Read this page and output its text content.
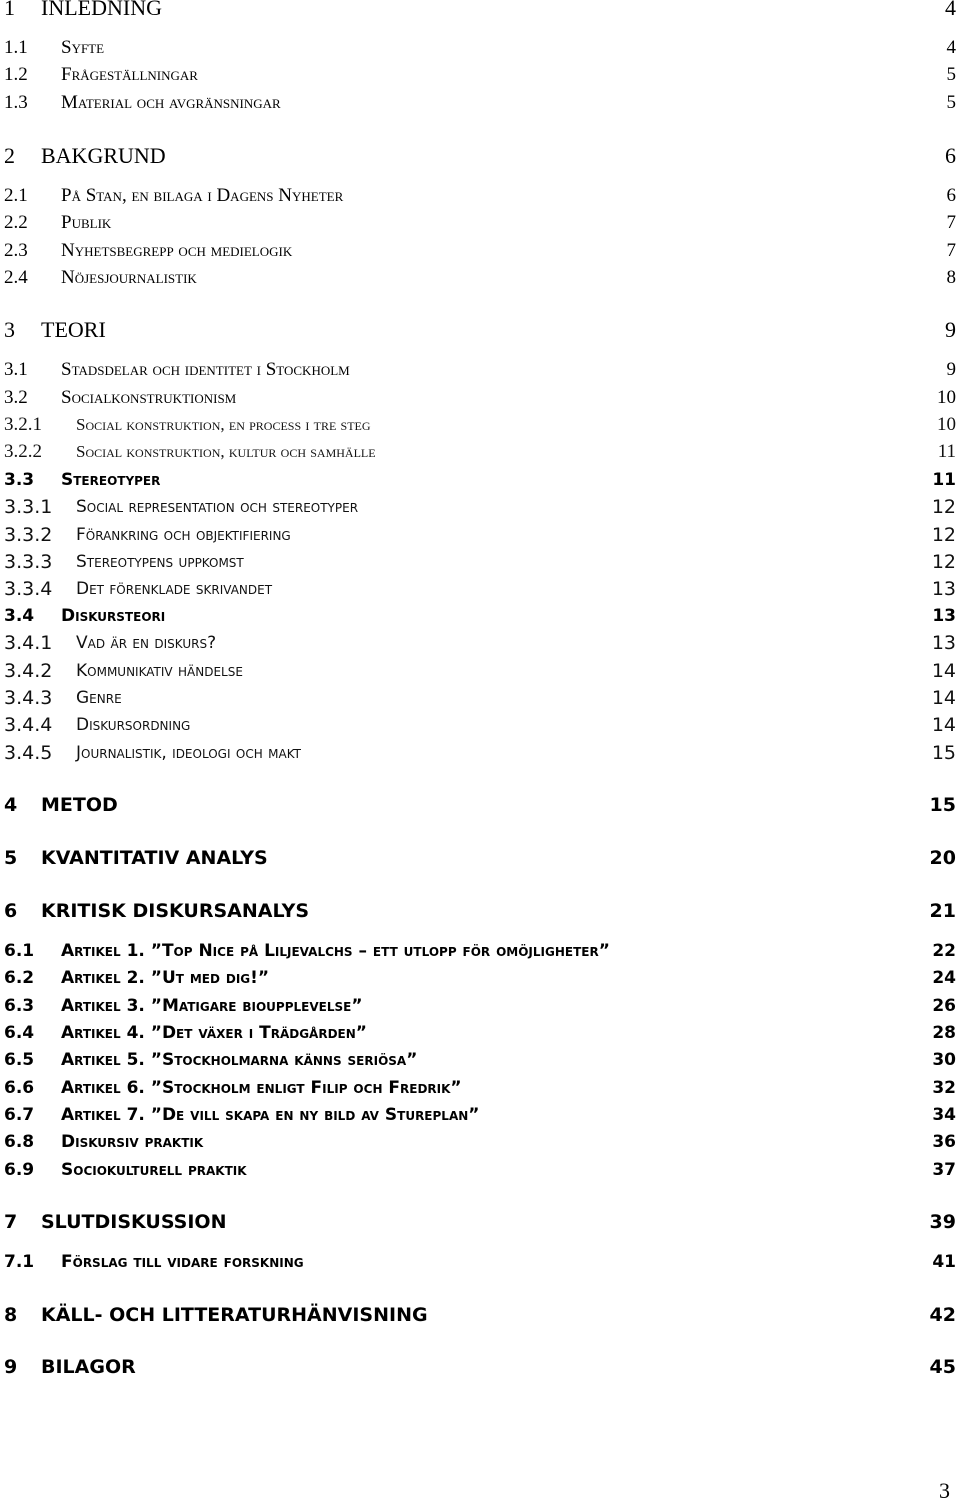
1 INLEDNING	4
1.1 Syfte	4
1.2 Frågeställningar	5
1.3 Material och avgränsningar	5
2 BAKGRUND	6
2.1 På Stan, en bilaga i Dagens Nyheter	6
2.2 Publik	7
2.3 Nyhetsbegrepp och medielogik	7
2.4 Nöjesjournalistik	8
3 TEORI	9
3.1 Stadsdelar och identitet i Stockholm	9
3.2 Socialkonstruktionism	10
3.2.1 Social konstruktion, en process i tre steg	10
3.2.2 Social konstruktion, kultur och samhälle	11
3.3 Stereotyper	11
3.3.1 Social representation och stereotyper	12
3.3.2 Förankring och objektifiering	12
3.3.3 Stereotypens uppkomst	12
3.3.4 Det förenklade skrivandet	13
3.4 Diskursteori	13
3.4.1 Vad är en diskurs?	13
3.4.2 Kommunikativ händelse	14
3.4.3 Genre	14
3.4.4 Diskursordning	14
3.4.5 Journalistik, ideologi och makt	15
4 METOD	15
5 KVANTITATIV ANALYS	20
6 KRITISK DISKURSANALYS	21
6.1 Artikel 1. ”Top Nice på Liljevalchs – ett utlopp för omöjligheter”	22
6.2 Artikel 2. ”Ut med dig!”	24
6.3 Artikel 3. ”Matigare bioupplevelse”	26
6.4 Artikel 4. ”Det växer i Trädgården”	28
6.5 Artikel 5. ”Stockholmarna känns seriösa”	30
6.6 Artikel 6. ”Stockholm enligt Filip och Fredrik”	32
6.7 Artikel 7. ”De vill skapa en ny bild av Stureplan”	34
6.8 Diskursiv praktik	36
6.9 Sociokulturell praktik	37
7 SLUTDISKUSSION	39
7.1 Förslag till vidare forskning	41
8 KÄLL- OCH LITTERATURHÄNVISNING	42
9 BILAGOR	45
3
